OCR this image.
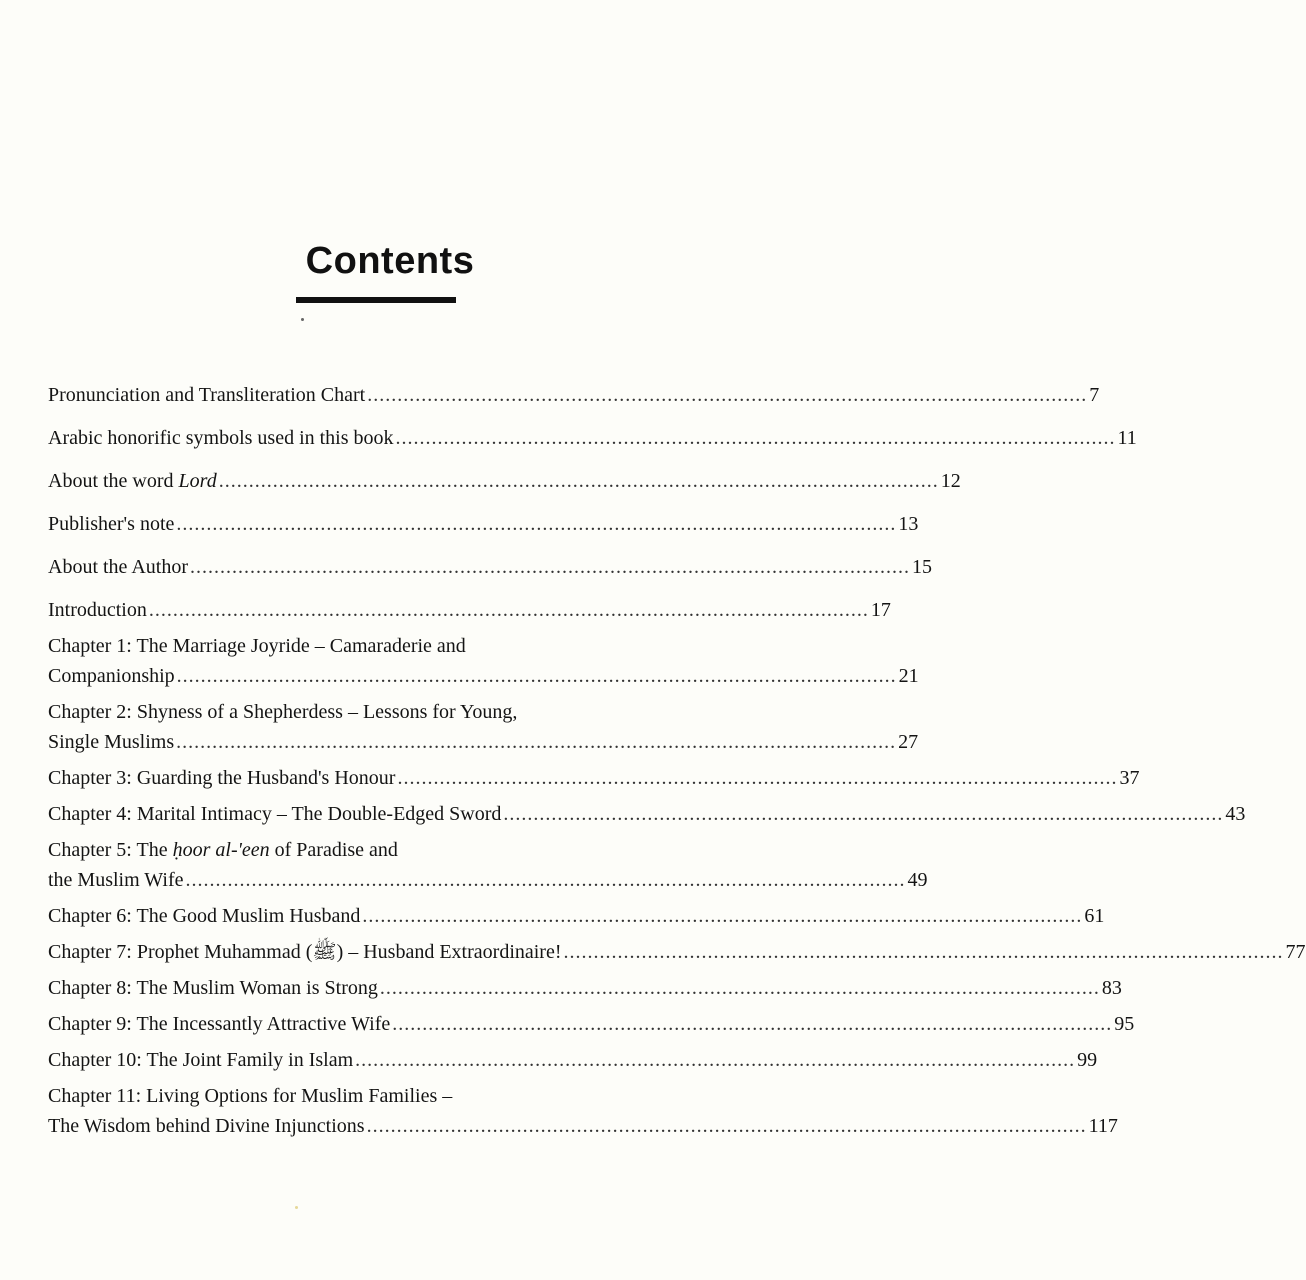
Contents
Pronunciation and Transliteration Chart ........................................................................................................................ 7
Arabic honorific symbols used in this book ........................................................................................................................ 11
About the word Lord ........................................................................................................................ 12
Publisher's note ........................................................................................................................ 13
About the Author ........................................................................................................................ 15
Introduction ........................................................................................................................ 17
Chapter 1: The Marriage Joyride – Camaraderie and
Companionship ........................................................................................................................ 21
Chapter 2: Shyness of a Shepherdess – Lessons for Young,
Single Muslims ........................................................................................................................ 27
Chapter 3: Guarding the Husband's Honour ........................................................................................................................ 37
Chapter 4: Marital Intimacy – The Double-Edged Sword ........................................................................................................................ 43
Chapter 5: The ḥoor al-'een of Paradise and
the Muslim Wife ........................................................................................................................ 49
Chapter 6: The Good Muslim Husband ........................................................................................................................ 61
Chapter 7: Prophet Muhammad (ﷺ) – Husband Extraordinaire! ........................................................................................................................ 77
Chapter 8: The Muslim Woman is Strong ........................................................................................................................ 83
Chapter 9: The Incessantly Attractive Wife ........................................................................................................................ 95
Chapter 10: The Joint Family in Islam ........................................................................................................................ 99
Chapter 11: Living Options for Muslim Families –
The Wisdom behind Divine Injunctions ........................................................................................................................ 117
